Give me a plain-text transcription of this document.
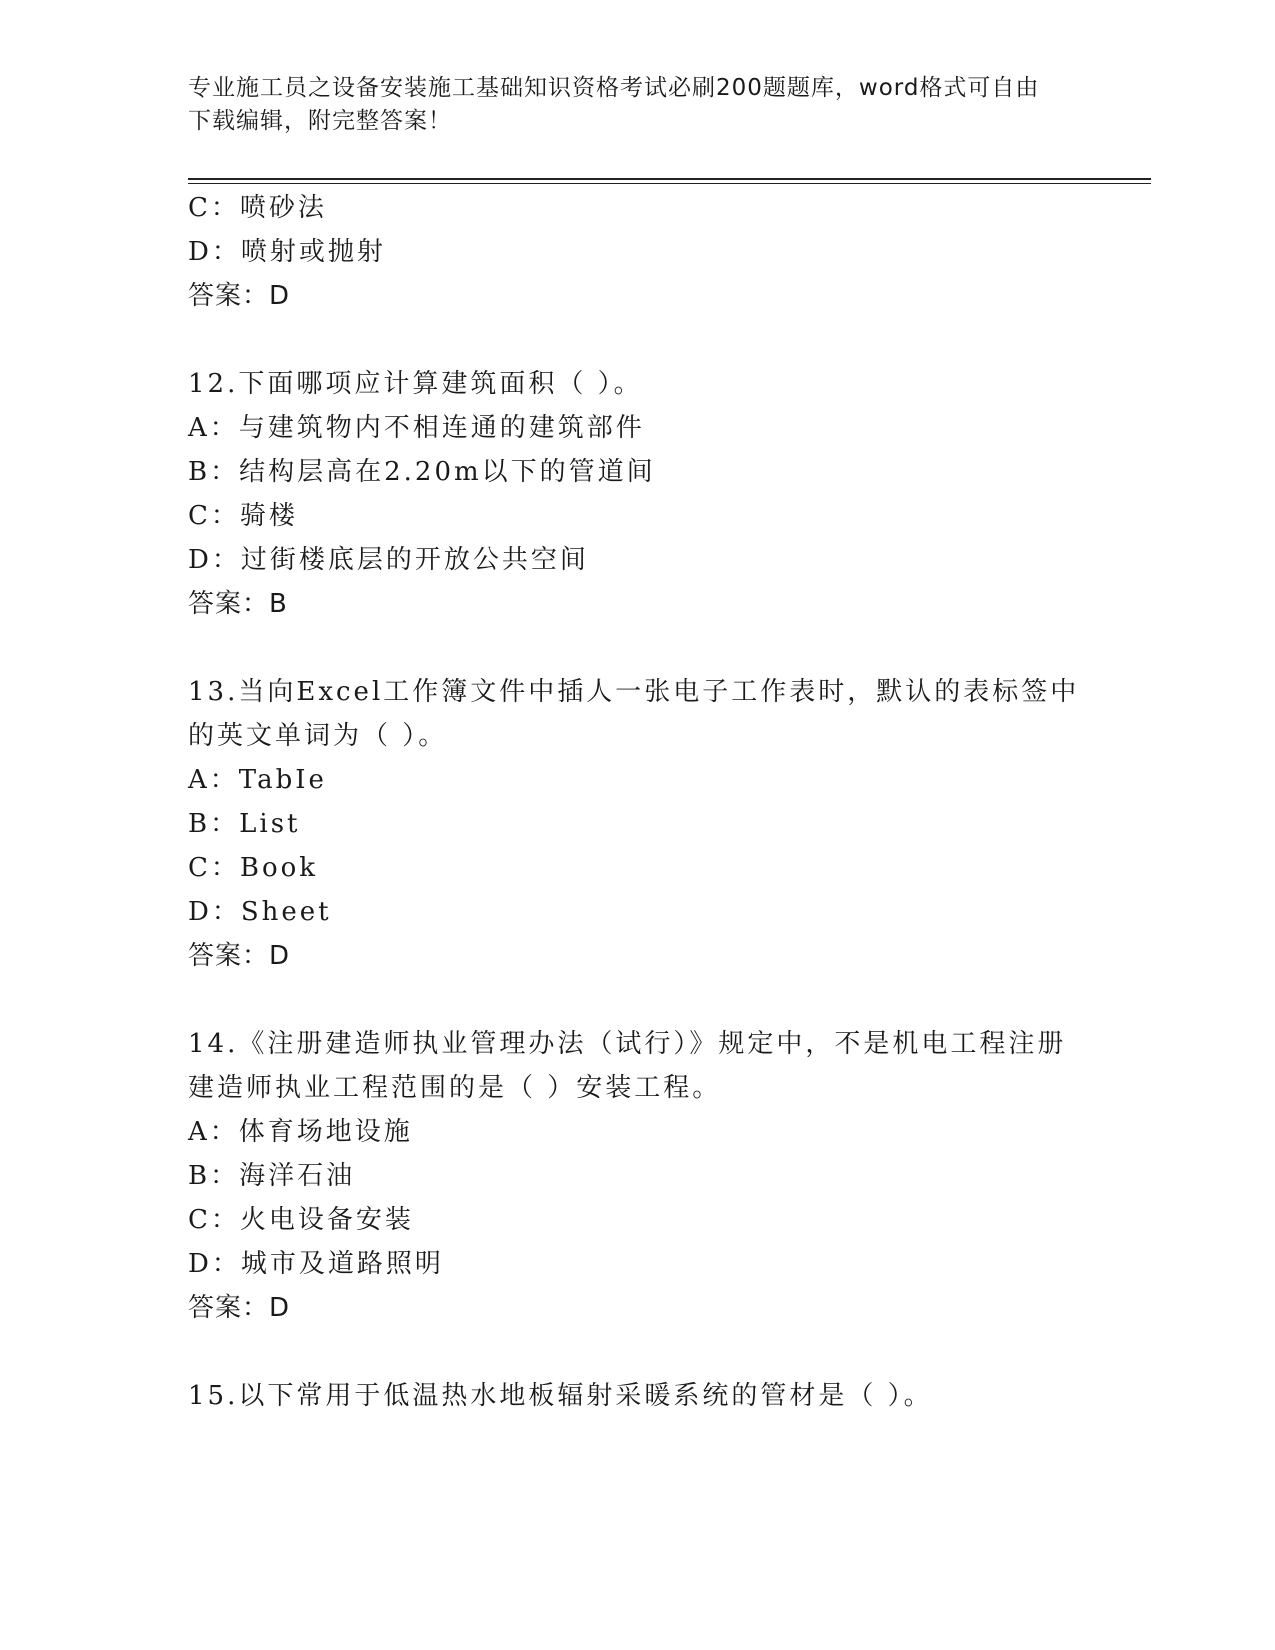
专业施工员之设备安装施工基础知识资格考试必刷200题题库，word格式可自由
下载编辑，附完整答案！
C：喷砂法
D：喷射或抛射
答案：D
12.下面哪项应计算建筑面积（ ）。
A：与建筑物内不相连通的建筑部件
B：结构层高在2.20m以下的管道间
C：骑楼
D：过街楼底层的开放公共空间
答案：B
13.当向Excel工作簿文件中插人一张电子工作表时，默认的表标签中
的英文单词为（ ）。
A：TabIe
B：List
C：Book
D：Sheet
答案：D
14.《注册建造师执业管理办法（试行）》规定中，不是机电工程注册
建造师执业工程范围的是（ ）安装工程。
A：体育场地设施
B：海洋石油
C：火电设备安装
D：城市及道路照明
答案：D
15.以下常用于低温热水地板辐射采暖系统的管材是（ ）。
